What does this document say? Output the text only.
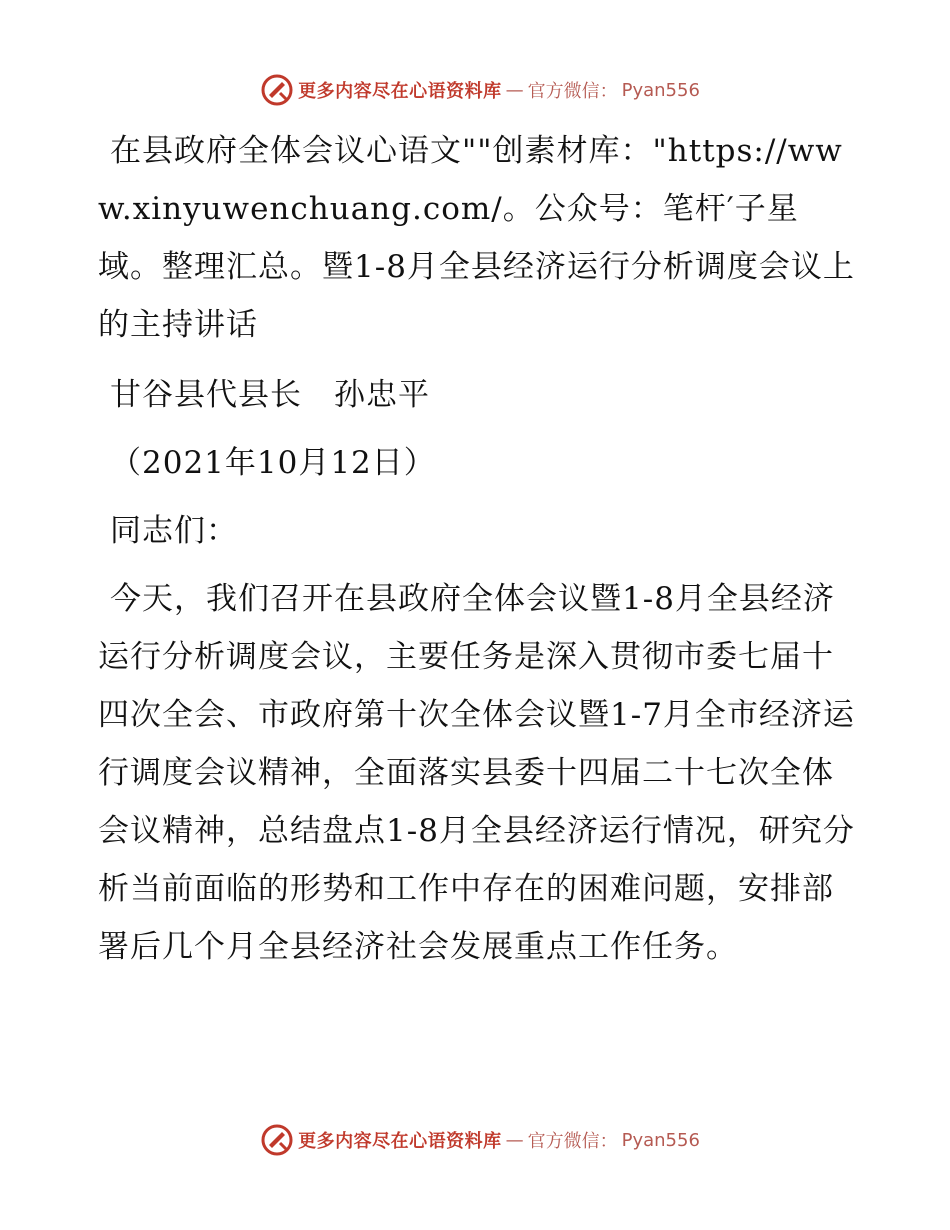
更多内容尽在心语资料库 — 官方微信： Pyan556

在县政府全体会议心语文""创素材库："https://www.xinyuwenchuang.com/。公众号：笔杆′子星域。整理汇总。暨1-8月全县经济运行分析调度会议上的主持讲话

甘谷县代县长　孙忠平

（2021年10月12日）

同志们：

今天，我们召开在县政府全体会议暨1-8月全县经济运行分析调度会议，主要任务是深入贯彻市委七届十四次全会、市政府第十次全体会议暨1-7月全市经济运行调度会议精神，全面落实县委十四届二十七次全体会议精神，总结盘点1-8月全县经济运行情况，研究分析当前面临的形势和工作中存在的困难问题，安排部署后几个月全县经济社会发展重点工作任务。

更多内容尽在心语资料库 — 官方微信： Pyan556
